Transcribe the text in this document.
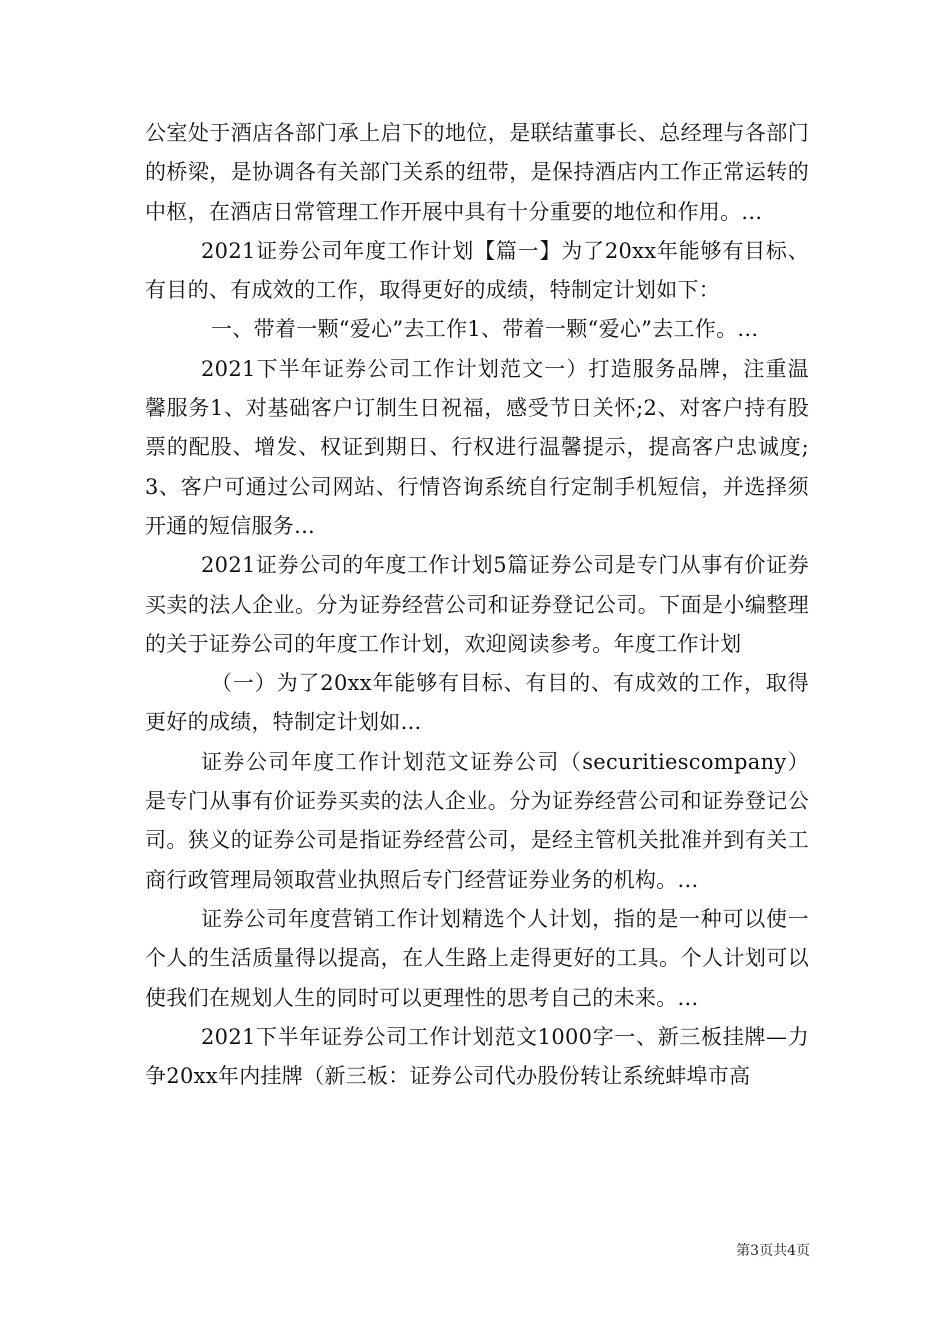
公室处于酒店各部门承上启下的地位，是联结董事长、总经理与各部门的桥梁，是协调各有关部门关系的纽带，是保持酒店内工作正常运转的中枢，在酒店日常管理工作开展中具有十分重要的地位和作用。...

2021证券公司年度工作计划【篇一】为了20xx年能够有目标、有目的、有成效的工作，取得更好的成绩，特制定计划如下：

一、带着一颗“爱心”去工作1、带着一颗“爱心”去工作。...

2021下半年证券公司工作计划范文一）打造服务品牌，注重温馨服务1、对基础客户订制生日祝福，感受节日关怀;2、对客户持有股票的配股、增发、权证到期日、行权进行温馨提示，提高客户忠诚度;3、客户可通过公司网站、行情咨询系统自行定制手机短信，并选择须开通的短信服务...

2021证券公司的年度工作计划5篇证券公司是专门从事有价证券买卖的法人企业。分为证券经营公司和证券登记公司。下面是小编整理的关于证券公司的年度工作计划，欢迎阅读参考。年度工作计划

（一）为了20xx年能够有目标、有目的、有成效的工作，取得更好的成绩，特制定计划如...

证券公司年度工作计划范文证券公司（securitiescompany）是专门从事有价证券买卖的法人企业。分为证券经营公司和证券登记公司。狭义的证券公司是指证券经营公司，是经主管机关批准并到有关工商行政管理局领取营业执照后专门经营证券业务的机构。...

证券公司年度营销工作计划精选个人计划，指的是一种可以使一个人的生活质量得以提高，在人生路上走得更好的工具。个人计划可以使我们在规划人生的同时可以更理性的思考自己的未来。...

2021下半年证券公司工作计划范文1000字一、新三板挂牌—力争20xx年内挂牌（新三板：证券公司代办股份转让系统蚌埠市高

第3页共4页
